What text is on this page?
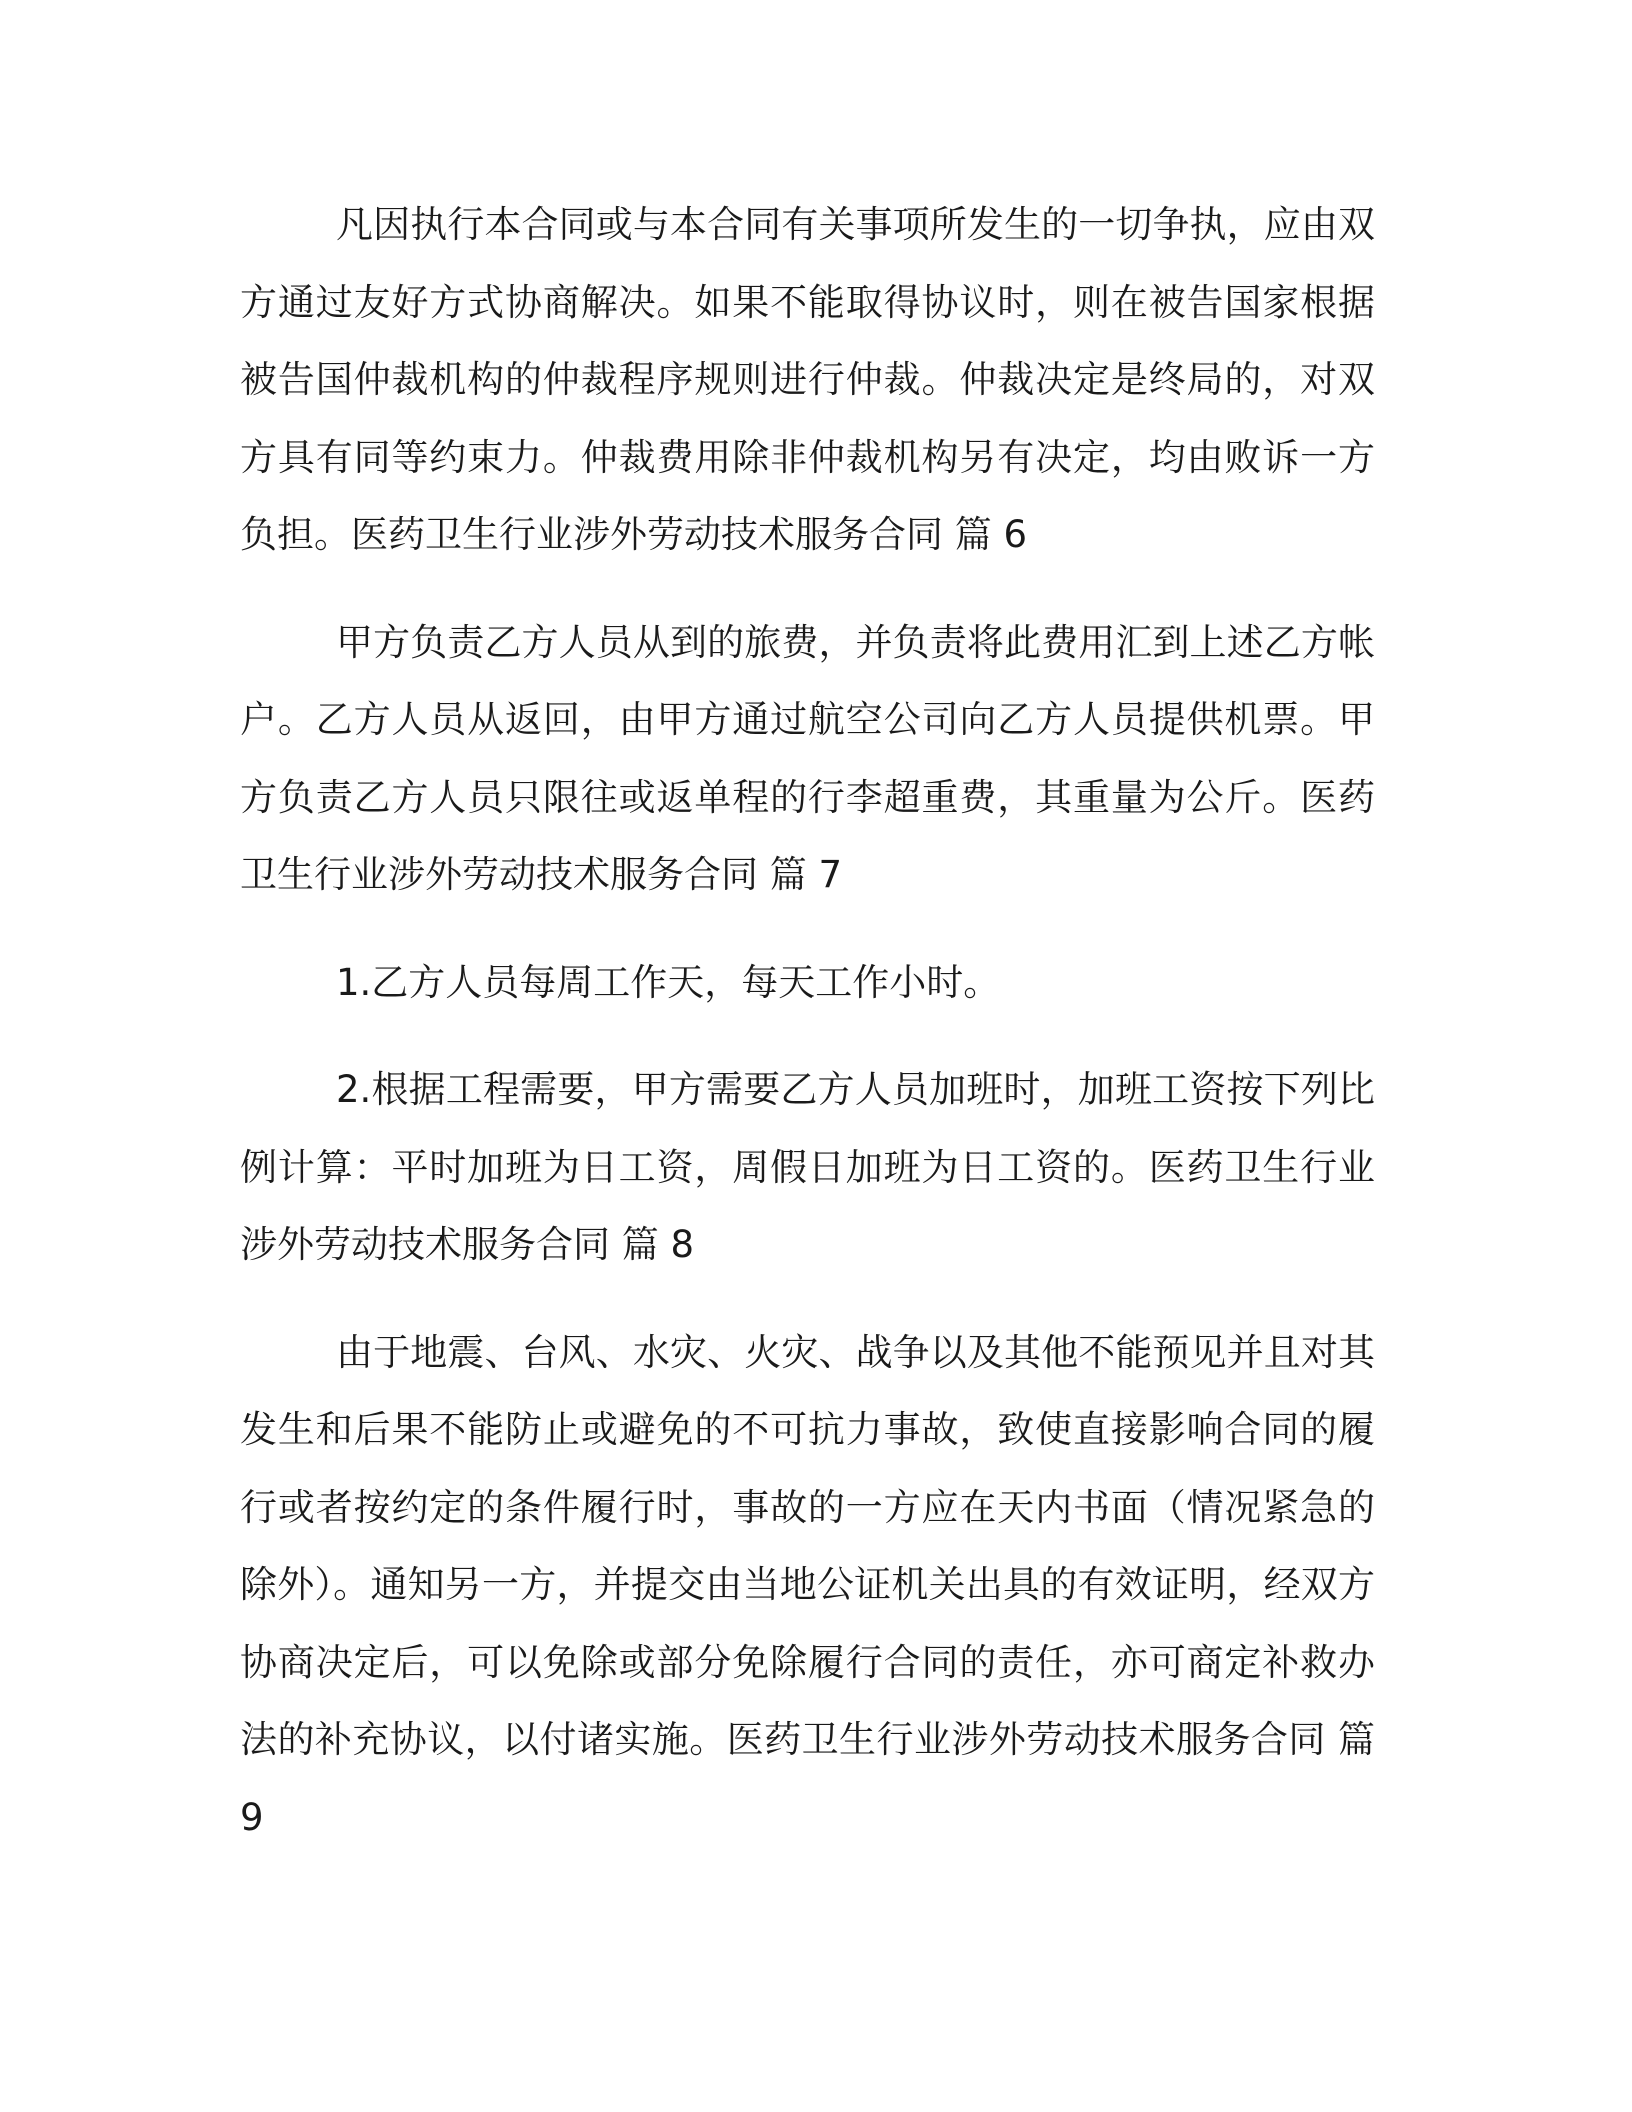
凡因执行本合同或与本合同有关事项所发生的一切争执，应由双方通过友好方式协商解决。如果不能取得协议时，则在被告国家根据被告国仲裁机构的仲裁程序规则进行仲裁。仲裁决定是终局的，对双方具有同等约束力。仲裁费用除非仲裁机构另有决定，均由败诉一方负担。医药卫生行业涉外劳动技术服务合同 篇 6

甲方负责乙方人员从到的旅费，并负责将此费用汇到上述乙方帐户。乙方人员从返回，由甲方通过航空公司向乙方人员提供机票。甲方负责乙方人员只限往或返单程的行李超重费，其重量为公斤。医药卫生行业涉外劳动技术服务合同 篇 7

1.乙方人员每周工作天，每天工作小时。

2.根据工程需要，甲方需要乙方人员加班时，加班工资按下列比例计算：平时加班为日工资，周假日加班为日工资的。医药卫生行业涉外劳动技术服务合同 篇 8

由于地震、台风、水灾、火灾、战争以及其他不能预见并且对其发生和后果不能防止或避免的不可抗力事故，致使直接影响合同的履行或者按约定的条件履行时，事故的一方应在天内书面（情况紧急的除外）。通知另一方，并提交由当地公证机关出具的有效证明，经双方协商决定后，可以免除或部分免除履行合同的责任，亦可商定补救办法的补充协议，以付诸实施。医药卫生行业涉外劳动技术服务合同 篇 9
